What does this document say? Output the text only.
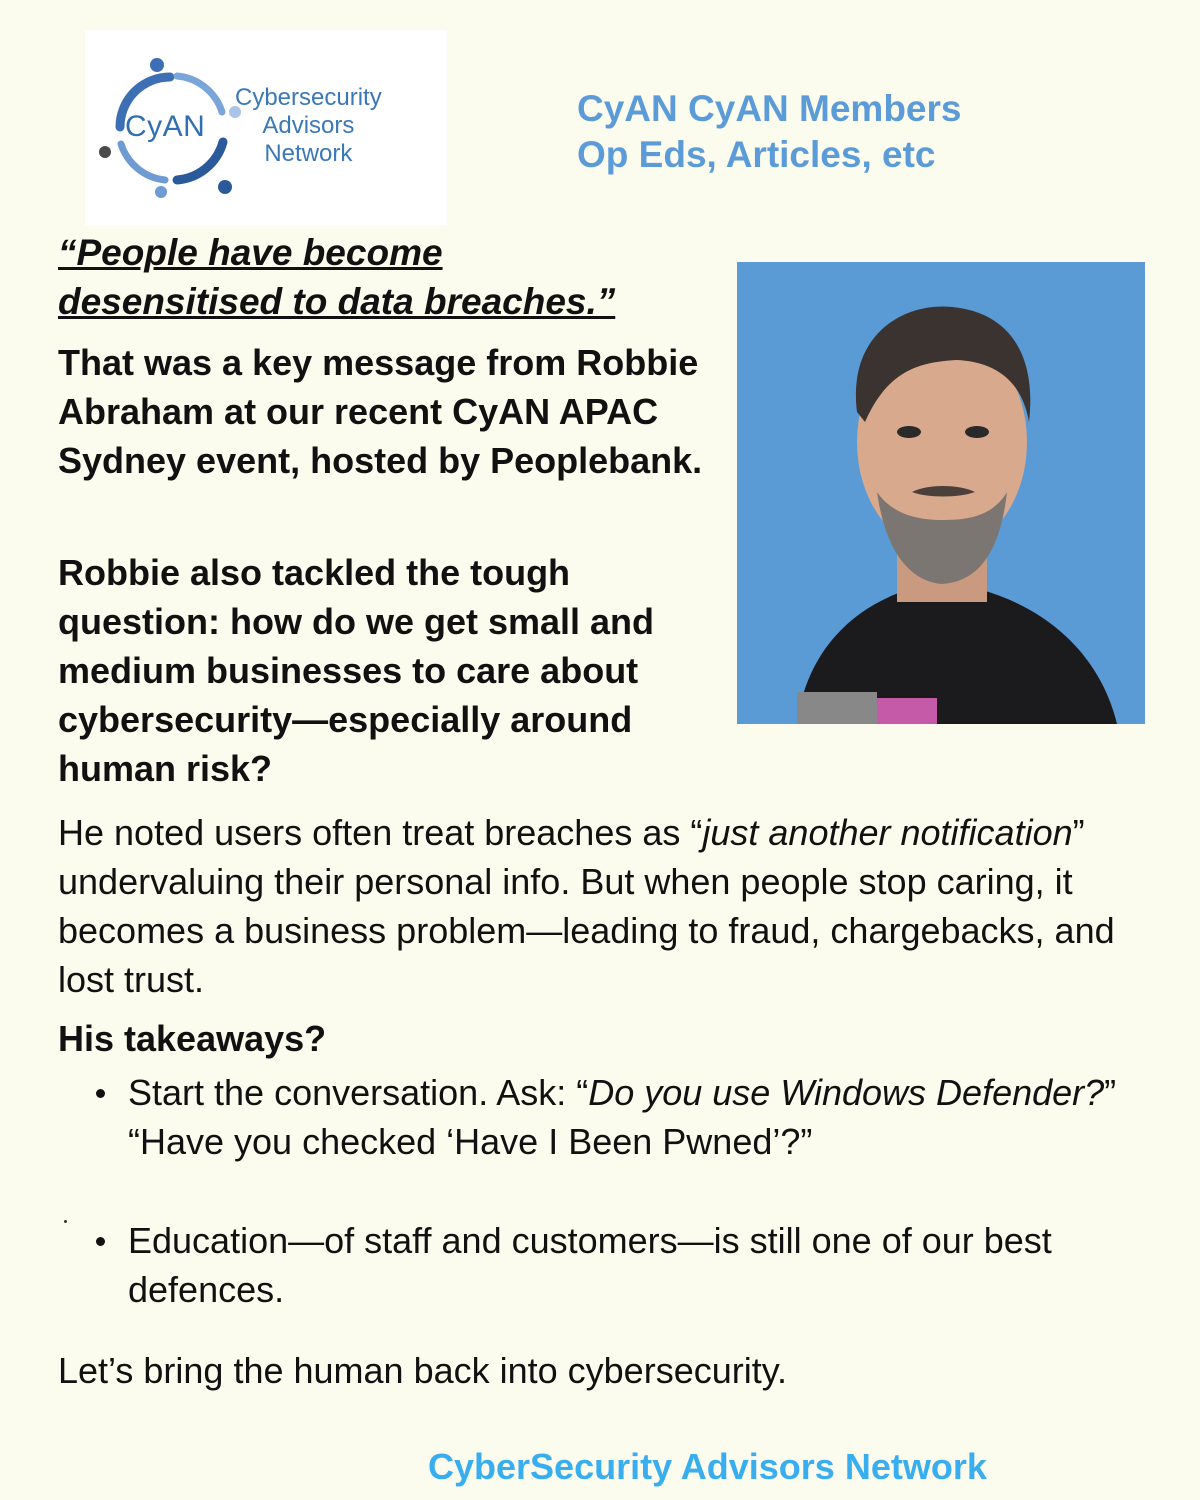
CyAN
Cybersecurity
Advisors
Network
CyAN CyAN Members
Op Eds, Articles, etc
“People have become
desensitised to data breaches.”
That was a key message from Robbie Abraham at our recent CyAN APAC Sydney event, hosted by Peoplebank.
Robbie also tackled the tough question: how do we get small and medium businesses to care about cybersecurity—especially around human risk?
He noted users often treat breaches as “just another notification” undervaluing their personal info. But when people stop caring, it becomes a business problem—leading to fraud, chargebacks, and lost trust.
His takeaways?
Start the conversation. Ask: “Do you use Windows Defender?” “Have you checked ‘Have I Been Pwned’?”
Education—of staff and customers—is still one of our best defences.
Let’s bring the human back into cybersecurity.
CyberSecurity Advisors Network
